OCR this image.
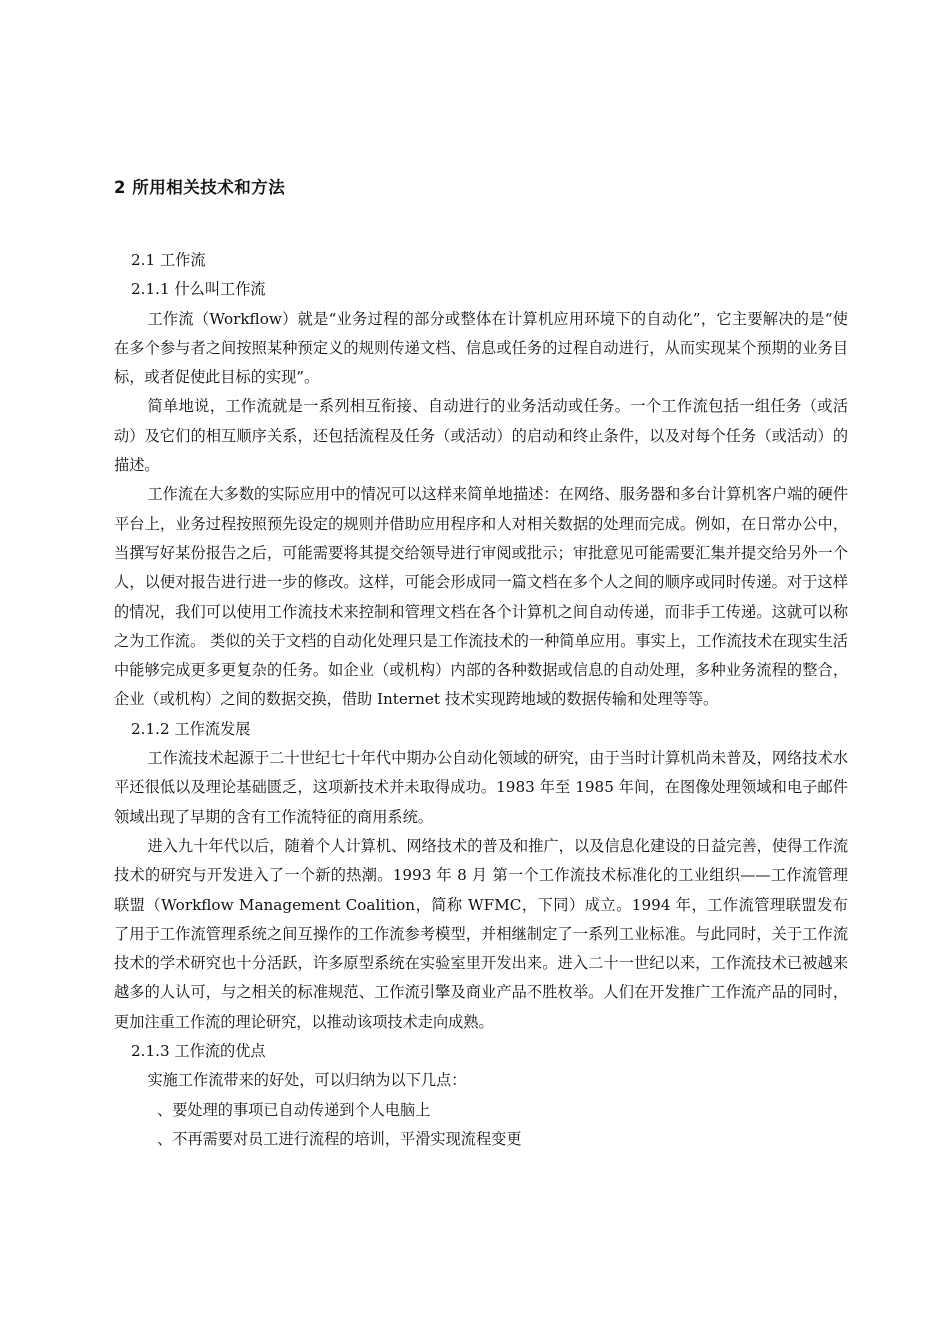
2 所用相关技术和方法

2.1 工作流

2.1.1 什么叫工作流

工作流（Workflow）就是“业务过程的部分或整体在计算机应用环境下的自动化”，它主要解决的是“使在多个参与者之间按照某种预定义的规则传递文档、信息或任务的过程自动进行，从而实现某个预期的业务目标，或者促使此目标的实现”。

简单地说，工作流就是一系列相互衔接、自动进行的业务活动或任务。一个工作流包括一组任务（或活动）及它们的相互顺序关系，还包括流程及任务（或活动）的启动和终止条件，以及对每个任务（或活动）的描述。

工作流在大多数的实际应用中的情况可以这样来简单地描述：在网络、服务器和多台计算机客户端的硬件平台上，业务过程按照预先设定的规则并借助应用程序和人对相关数据的处理而完成。例如，在日常办公中，当撰写好某份报告之后，可能需要将其提交给领导进行审阅或批示；审批意见可能需要汇集并提交给另外一个人，以便对报告进行进一步的修改。这样，可能会形成同一篇文档在多个人之间的顺序或同时传递。对于这样的情况，我们可以使用工作流技术来控制和管理文档在各个计算机之间自动传递，而非手工传递。这就可以称之为工作流。 类似的关于文档的自动化处理只是工作流技术的一种简单应用。事实上，工作流技术在现实生活中能够完成更多更复杂的任务。如企业（或机构）内部的各种数据或信息的自动处理，多种业务流程的整合，企业（或机构）之间的数据交换，借助 Internet 技术实现跨地域的数据传输和处理等等。

2.1.2 工作流发展

工作流技术起源于二十世纪七十年代中期办公自动化领域的研究，由于当时计算机尚未普及，网络技术水平还很低以及理论基础匮乏，这项新技术并未取得成功。1983 年至 1985 年间，在图像处理领域和电子邮件领域出现了早期的含有工作流特征的商用系统。

进入九十年代以后，随着个人计算机、网络技术的普及和推广，以及信息化建设的日益完善，使得工作流技术的研究与开发进入了一个新的热潮。1993 年 8 月 第一个工作流技术标准化的工业组织——工作流管理联盟（Workflow Management Coalition，简称 WFMC，下同）成立。1994 年，工作流管理联盟发布了用于工作流管理系统之间互操作的工作流参考模型，并相继制定了一系列工业标准。与此同时，关于工作流技术的学术研究也十分活跃，许多原型系统在实验室里开发出来。进入二十一世纪以来，工作流技术已被越来越多的人认可，与之相关的标准规范、工作流引擎及商业产品不胜枚举。人们在开发推广工作流产品的同时，更加注重工作流的理论研究，以推动该项技术走向成熟。

2.1.3 工作流的优点

实施工作流带来的好处，可以归纳为以下几点：

、要处理的事项已自动传递到个人电脑上

、不再需要对员工进行流程的培训，平滑实现流程变更
